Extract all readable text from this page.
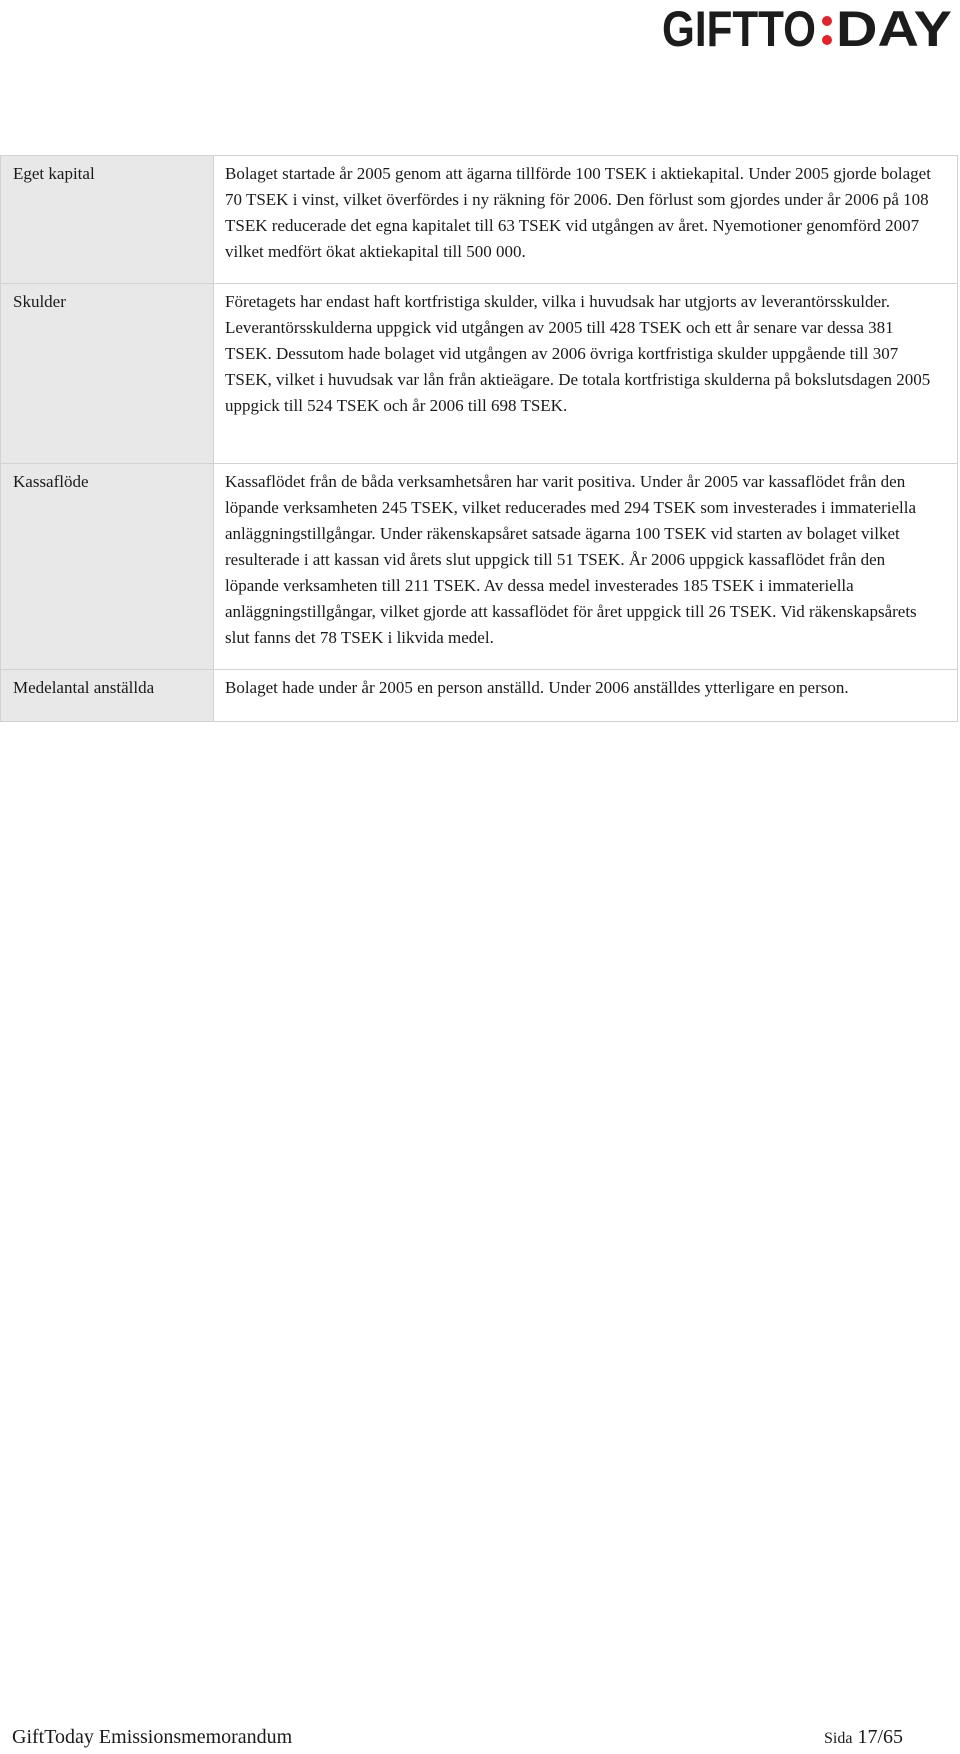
GIFTTO DAY
Eget kapital	Bolaget startade år 2005 genom att ägarna tillförde 100 TSEK i aktiekapital. Under 2005 gjorde bolaget 70 TSEK i vinst, vilket överfördes i ny räkning för 2006. Den förlust som gjordes under år 2006 på 108 TSEK reducerade det egna kapitalet till 63 TSEK vid utgången av året. Nyemotioner genomförd 2007 vilket medfört ökat aktiekapital till 500 000.
Skulder	Företagets har endast haft kortfristiga skulder, vilka i huvudsak har utgjorts av leverantörsskulder. Leverantörsskulderna uppgick vid utgången av 2005 till 428 TSEK och ett år senare var dessa 381 TSEK. Dessutom hade bolaget vid utgången av 2006 övriga kortfristiga skulder uppgående till 307 TSEK, vilket i huvudsak var lån från aktieägare. De totala kortfristiga skulderna på bokslutsdagen 2005 uppgick till 524 TSEK och år 2006 till 698 TSEK.
Kassaflöde	Kassaflödet från de båda verksamhetsåren har varit positiva. Under år 2005 var kassaflödet från den löpande verksamheten 245 TSEK, vilket reducerades med 294 TSEK som investerades i immateriella anläggningstillgångar. Under räkenskapsåret satsade ägarna 100 TSEK vid starten av bolaget vilket resulterade i att kassan vid årets slut uppgick till 51 TSEK. År 2006 uppgick kassaflödet från den löpande verksamheten till 211 TSEK. Av dessa medel investerades 185 TSEK i immateriella anläggningstillgångar, vilket gjorde att kassaflödet för året uppgick till 26 TSEK. Vid räkenskapsårets slut fanns det 78 TSEK i likvida medel.
Medelantal anställda	Bolaget hade under år 2005 en person anställd. Under 2006 anställdes ytterligare en person.
GiftToday Emissionsmemorandum	Sida 17/65
